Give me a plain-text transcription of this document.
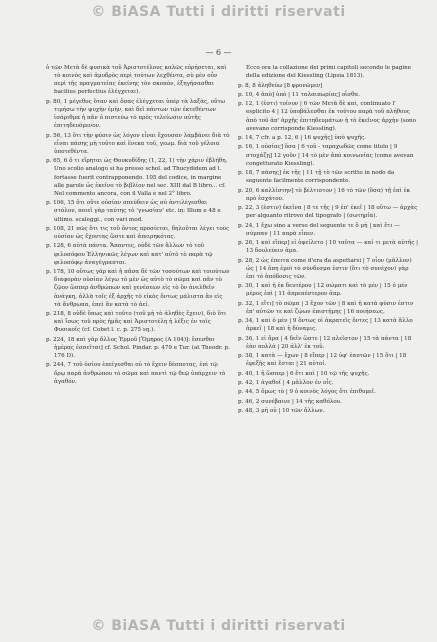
© BiASA Tutti i diritti riservati
— 6 —

ὁ τῶν Μετὰ δὲ φυσικὰ τοῦ Ἀριστοτέλους καλῶς εὑρήσεται, καὶ τὸ κοινὸς καὶ ἀμυδρὸς περὶ τούτων λεχθέντα, σὺ μὲν οὖν περὶ τῆς πραγματείας ἐκείνης τὸν σκοπὸν, ἐξηγήσασθαι bacilius perfectius ἐλέγχεται).

p. 80, 1 μέγεθος ὅταν καὶ ὅσας ἐλέγχεται ὑπὲρ τὰ λαξὰς, οὕτω τιμήσω τὴν ψυχὴν ἐμὴν, καὶ δεῖ πάντων τῶν ἐκτεθέντων ἰσάριθμα ἡ πᾶν ὁ πιστεύω τὸ πρὸς τελείωσιν αὐτῆς ἐπιτηδευόμενον.

p. 56, 13 ὅτι τὴν φύσιν ὡς λόγον εἶναι ἔχουσαν λαμβάνει διὰ τὸ εἶναι πάσης μὴ τοῦτο καὶ ἕνεκα τοῦ, γεωμ. διὰ τοῦ γέλοια ὑποτεθέντα.

p. 65, 6 ὅ τι εἴρηται ὡς Θουκυδίδης (1, 22, 1) τὴν χάριν ἐβλήθη. Uno scolio analogo si ha presso schol. ad Thucydidem ad l. fortasse fuerit contrapponendo. 105 del codice, in margine alle parole ὡς ἐκεῖνο τὸ βιβλίον nel sec. XIII dal B libro... cf. Nel commento ancora, con il Valla e nel 2° libro.

p. 106, 15 ὅτι οὔτε οὐσίαν σπεύδειν ὡς σύ ἀντιλέγεσθαι στόλον, ποιεῖ γὰρ ταύτης τὸ 'γνωσίαν' etc. in: Illum e 48 e ultimo. scaleggi., con vari mod.

p. 108, 21 πῶς ὅτι τις τοῦ ὄντος προσίεται, δηλοῦται λέγει τοὺς οὐσίαν ὡς ἔχοντας ὥστε καὶ ἀπειρηκότας.

p. 128, 6 αὐτὰ πάντα. Ἅπαντες, οὐδὲ τῶν ἄλλων τὸ τοῦ φιλοσόφου Ἑλληνικῶς λέγων καὶ κατ' αὐτὸ τὸ παρὰ τῷ φιλοσόφῳ ἀναγέγραπται.

p. 178, 10 οὕτως γὰρ καὶ ἡ πᾶσα δὲ τῶν τοσούτων καὶ τοιούτων διαφορὰν οὐσίαν λέγω τὸ μὲν ὡς αὐτὸ τὸ σῶμα καὶ πᾶν τὸ ζῷον ὥσπερ ἀνθρώπων καὶ γενέσεων εἰς τὸ ὂν ἀνελθεῖν ἀνάγκη, ἀλλὰ τοῖς ἐξ ἀρχῆς τὸ εἰκὸς ὄντως μάλιστα ἂν εἰς τὰ ἄνθρωπα, ἐπεὶ ἂν κατὰ τὸ ἀεί.

p. 218, 8 οὐδὲ ὅπως καὶ τοῦτο (τοῦ μὴ τὸ ἀληθὲς ἔχειν), διὸ ὅτι καὶ ἴσως τοῦ πρὸς ἡμᾶς καὶ Ἀριστοτέλη ἡ λέξις ἐν τοῖς Φυσικοῖς (cf. Cobet l. c. p. 275 sq.).

p. 224, 18 καὶ γὰρ ἄλλος Ἑρμοῦ [Ὅμηρος (A 104)]: ἔσεσθαι ἡμέρας ἐσσεῖται] cf. Schol. Pindar. p. 479 e Tur. (at Theodr. p. 176 D).

p. 244, 7 τοῦ ὁσίου ἐπείγεσθαι οὐ τὸ ἔχειν δέσποτας, ἐπὶ τῷ ὅρῳ παρὰ ἀνθρώπου τὸ σῶμα καὶ παντὶ τῷ θεῷ ὑπάρχειν τὸ ἀγαθόν.

Ecco ora la collazione dei primi capitoli secondo le pagine della edizione del Kiessling (Lipsia 1813).

p. 8, 8 ἀληθεύω [8 φρονῶμεν]

p. 10, 4 ἀπὸ] ὑπὸ | 11 ταλαιπωρίας] οἶσθα.

p. 12, 1 (ἐστι) τοίνυν | 6 τῶν Μετὰ δὲ καὶ, continuato l' esplicito 4 | 12 ὑποβάλεσθαι ἐκ τούτου παρὰ τοῦ πλήθους ἀπὸ τοῦ ἀπ' ἀρχῆς ἐπιτηδευμάτων ἡ τὸ ἐκεῖνος ἀρχὴν (sono avevano corrisponde Kiessling).

p. 14, 7 cfr. a p. 12, 6 | 16 ψυχῆς] ὑπὸ ψυχῆς.

p. 16, 1 οὐσίας] ὅσα | 6 τοῦ - ταραχωδῶς come titolo | 9 στοχάζῃ] 12 γοῦν | 14 τὸ μὲν ἀπὸ κοινωνίας (come avevan congetturato Kiessling).

p. 18, 7 πάσης] ἐκ τῆς | 11 τῇ τὸ τῶν scritto in nodo da seguente facilmente corrispondente.

p. 20, 6 καλλίστην] τὸ βέλτιστον | 16 τὸ τῶν (ὅσα) τῇ ἐπὶ ἐκ πρὸ ἐσχάτου.

p. 22, 3 (ἐστιν) ἐκεῖνα | 8 τε τῆς | 9 ἐπ' ἐκεῖ | 18 οὕτω — ἀρχὰς per alquanto ritrovo del tipografo | (σωτηρία).

p. 24, 1 ἔχω sino a verso del seguente τε ὅ μή | καὶ ἔτι — σύμπαν | 11 παρὰ εἶπεν.

p. 26, 1 καὶ εἴπερ] εἰ ὀφείλετο | 10 ταῦτα — καί τι μετὰ αὐτῆς | 13 δουλεύειν ἀμα.

p. 28, 2 ὡς ἐπειτα come d'era da aspettarsi | 7 οἷον (μᾶλλον) ὡς | 14 ὅπη ἐμοὶ τὸ σύνδεσμα ἐστιν (ὅτι τὸ συνέχον) γὰρ ἐπι τὸ ἀπόδοσις τῶν.

p. 30, 1 καὶ ἡ ἐκ δευτέρου | 12 σώματι καὶ τὸ μέν | 15 ὁ μέν μέρος ἐπὶ | 11 ἀπρεπέστερον ἀπρ.

p. 32, 1 εἴτι] τὸ σῶμα | 3 ἔχον τῶν | 8 καὶ ἡ κατὰ φύσιν ἐστιν ἐπ' αὐτῶν τε καὶ ζῴων ἐπιστήμης | 16 ποιήσεως.

p. 34, 1 καὶ ὁ μέν | 9 ὄντως οἱ ἀκρατεῖς ὄντες | 13 κατὰ ἄλλο ἀρκεῖ | 18 καὶ ἡ δύναμις.

p. 36, 1 εἰ ἄρα | 4 δεῖν ὥστε | 12 πλεῖστον | 15 τὰ πάντα | 18 ἐὰν πολλὰ | 20 ἀλλ' ἐκ τοῦ.

p. 38, 1 κατὰ — ἔχων | 8 εἴπερ | 12 ὑφ' ἑαυτῶν | 15 ὅτι | 18 ἐφεξῆς καὶ ἔσται | 21 αὐτοί.

p. 40, 1 ἢ ὥσπερ | 6 ἔτι καὶ | 10 τῷ τῆς ψυχῆς.

p. 42, 1 ἀγαθοί | 4 μᾶλλον ἐν οἷς.

p. 44, 5 ὅμως τὸ | 9 ὁ κοινὸς λόγος ὅτι ἐπιθυμεῖ.

p. 46, 2 συνέβαινε | 14 τῆς καθόλου.

p. 48, 3 μὴ οὐ | 10 τῶν ἄλλων.

© BiASA Tutti i diritti riservati
